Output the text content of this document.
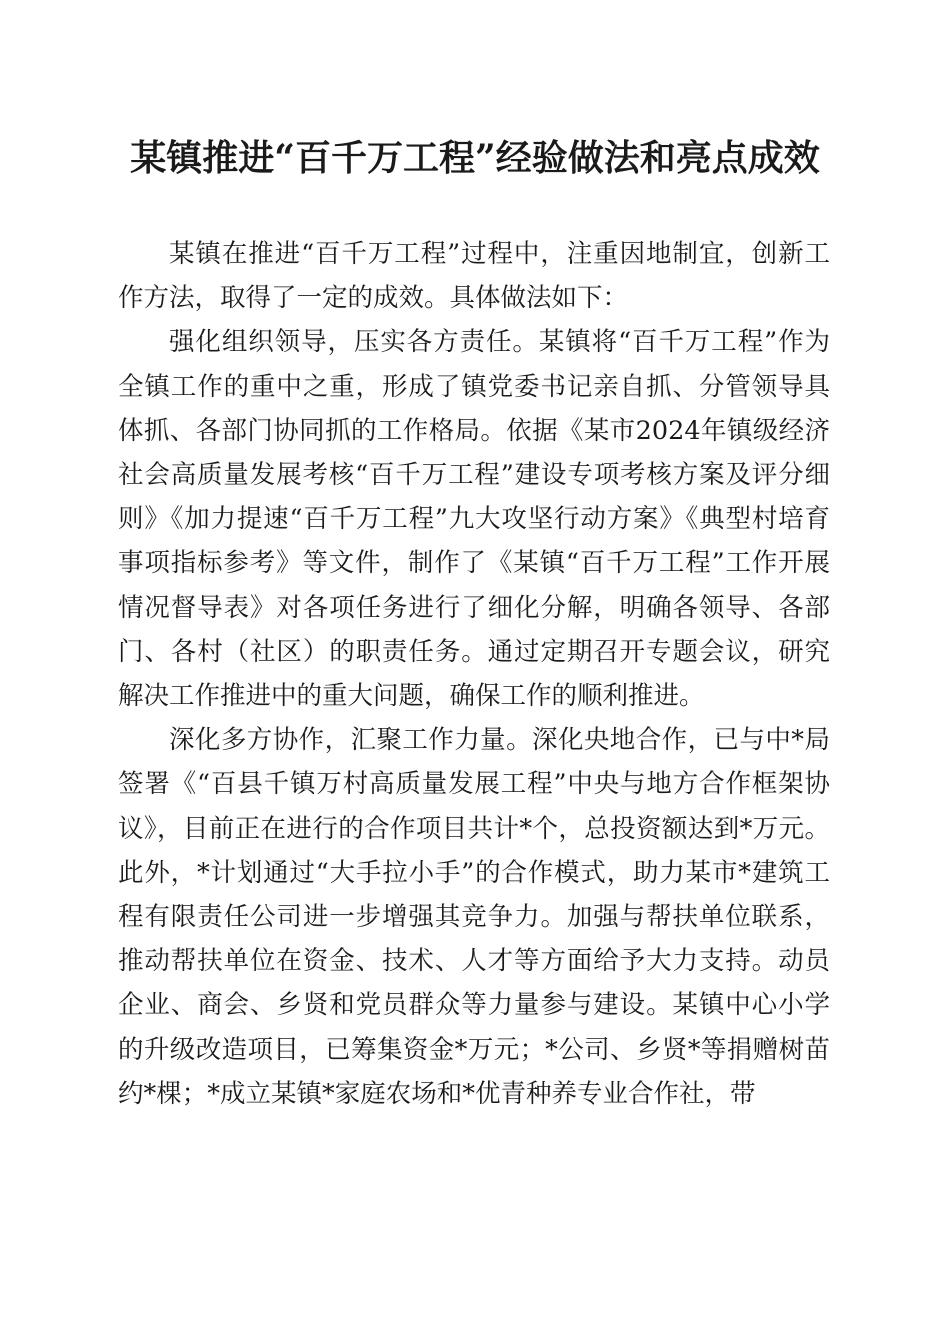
某镇推进“百千万工程”经验做法和亮点成效

某镇在推进“百千万工程”过程中，注重因地制宜，创新工作方法，取得了一定的成效。具体做法如下：

强化组织领导，压实各方责任。某镇将“百千万工程”作为全镇工作的重中之重，形成了镇党委书记亲自抓、分管领导具体抓、各部门协同抓的工作格局。依据《某市2024年镇级经济社会高质量发展考核“百千万工程”建设专项考核方案及评分细则》《加力提速“百千万工程”九大攻坚行动方案》《典型村培育事项指标参考》等文件，制作了《某镇“百千万工程”工作开展情况督导表》对各项任务进行了细化分解，明确各领导、各部门、各村（社区）的职责任务。通过定期召开专题会议，研究解决工作推进中的重大问题，确保工作的顺利推进。

深化多方协作，汇聚工作力量。深化央地合作，已与中*局签署《“百县千镇万村高质量发展工程”中央与地方合作框架协议》，目前正在进行的合作项目共计*个，总投资额达到*万元。此外，*计划通过“大手拉小手”的合作模式，助力某市*建筑工程有限责任公司进一步增强其竞争力。加强与帮扶单位联系，推动帮扶单位在资金、技术、人才等方面给予大力支持。动员企业、商会、乡贤和党员群众等力量参与建设。某镇中心小学的升级改造项目，已筹集资金*万元；*公司、乡贤*等捐赠树苗约*棵；*成立某镇*家庭农场和*优青种养专业合作社，带
